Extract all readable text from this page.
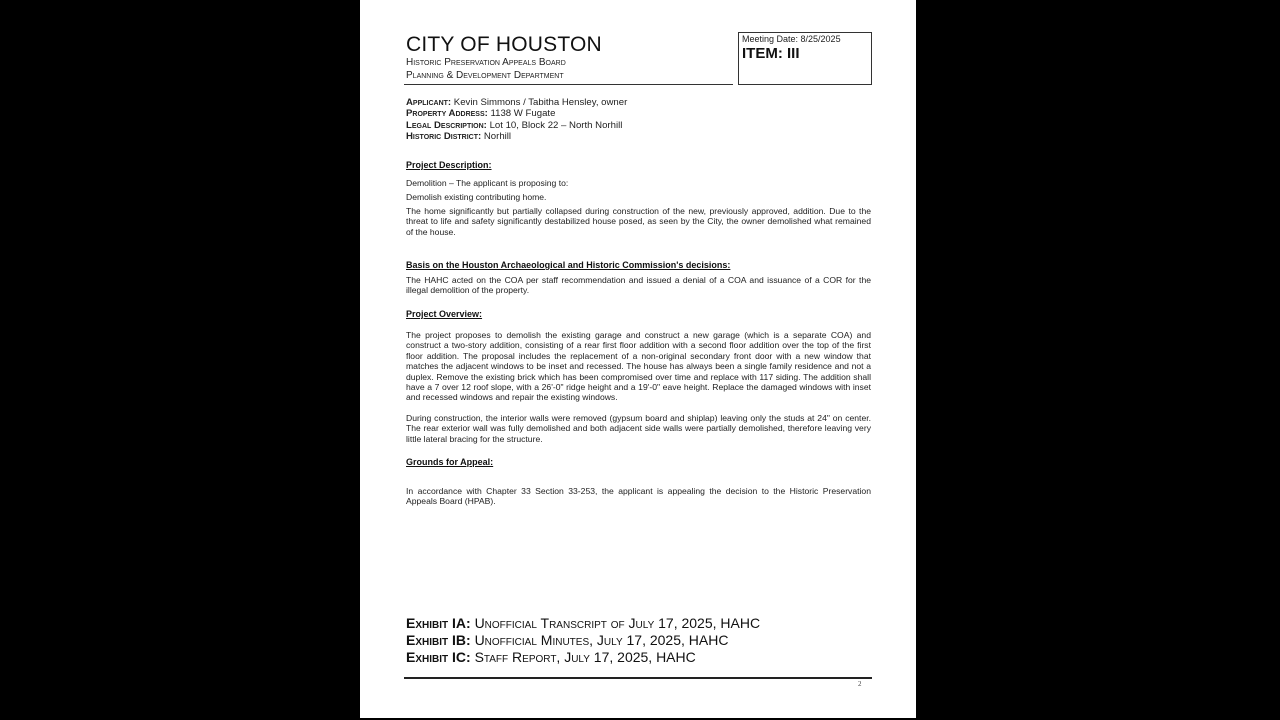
CITY OF HOUSTON
Historic Preservation Appeals Board
Planning & Development Department
Meeting Date: 8/25/2025
ITEM: III
Applicant: Kevin Simmons / Tabitha Hensley, owner
Property Address: 1138 W Fugate
Legal Description: Lot 10, Block 22 – North Norhill
Historic District: Norhill
Project Description:
Demolition – The applicant is proposing to:
Demolish existing contributing home.
The home significantly but partially collapsed during construction of the new, previously approved, addition. Due to the threat to life and safety significantly destabilized house posed, as seen by the City, the owner demolished what remained of the house.
Basis on the Houston Archaeological and Historic Commission's decisions:
The HAHC acted on the COA per staff recommendation and issued a denial of a COA and issuance of a COR for the illegal demolition of the property.
Project Overview:
The project proposes to demolish the existing garage and construct a new garage (which is a separate COA) and construct a two-story addition, consisting of a rear first floor addition with a second floor addition over the top of the first floor addition. The proposal includes the replacement of a non-original secondary front door with a new window that matches the adjacent windows to be inset and recessed. The house has always been a single family residence and not a duplex. Remove the existing brick which has been compromised over time and replace with 117 siding. The addition shall have a 7 over 12 roof slope, with a 26'-0" ridge height and a 19'-0" eave height. Replace the damaged windows with inset and recessed windows and repair the existing windows.
During construction, the interior walls were removed (gypsum board and shiplap) leaving only the studs at 24" on center. The rear exterior wall was fully demolished and both adjacent side walls were partially demolished, therefore leaving very little lateral bracing for the structure.
Grounds for Appeal:
In accordance with Chapter 33 Section 33-253, the applicant is appealing the decision to the Historic Preservation Appeals Board (HPAB).
Exhibit IA: Unofficial Transcript of July 17, 2025, HAHC
Exhibit IB: Unofficial Minutes, July 17, 2025, HAHC
Exhibit IC: Staff Report, July 17, 2025, HAHC
2
